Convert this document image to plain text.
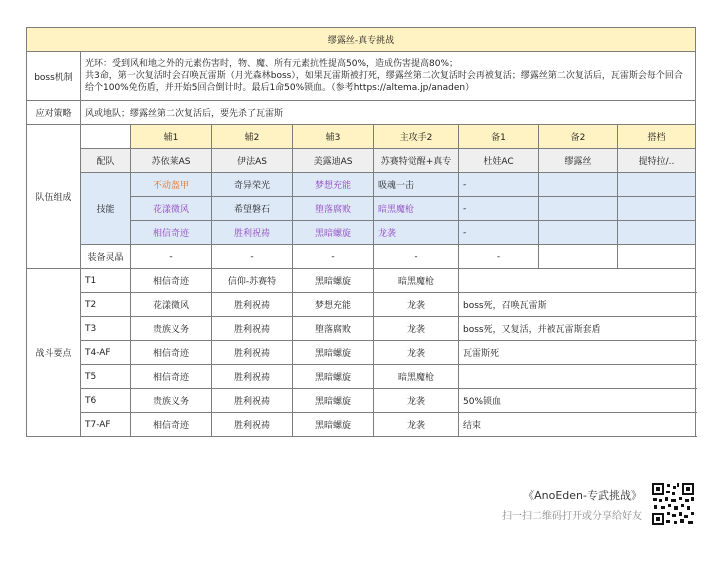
缪露丝-真专挑战								
boss机制	光环：受到风和地之外的元素伤害时，物、魔、所有元素抗性提高50%，造成伤害提高80%；
共3命，第一次复活时会召唤瓦雷斯（月光森林boss），如果瓦雷斯被打死，缪露丝第二次复活时会再被复活；缪露丝第二次复活后，瓦雷斯会每个回合给个100%免伤盾，并开始5回合倒计时。最后1命50%锁血。（参考https://altema.jp/anaden）							

应对策略	风或地队；缪露丝第二次复活后，要先杀了瓦雷斯							
队伍组成		辅1	辅2	辅3	主攻手2	备1	备2	搭档
	配队	苏依莱AS	伊法AS	美露迪AS	苏赛特觉醒+真专	杜娃AC	缪露丝	提特拉/..
	技能	不动盔甲	奇异荣光	梦想充能	吸魂一击	-		
		花漾微风	希望磐石	堕落腐败	暗黑魔枪	-		
		相信奇迹	胜利祝祷	黑暗螺旋	龙袭	-		
	装备灵晶	-	-	-	-	-		
战斗要点	T1	相信奇迹	信仰-苏赛特	黑暗螺旋	暗黑魔枪			
	T2	花漾微风	胜利祝祷	梦想充能	龙袭	boss死，召唤瓦雷斯		
	T3	贵族义务	胜利祝祷	堕落腐败	龙袭	boss死，又复活，并被瓦雷斯套盾		
	T4-AF	相信奇迹	胜利祝祷	黑暗螺旋	龙袭	瓦雷斯死		
	T5	相信奇迹	胜利祝祷	黑暗螺旋	暗黑魔枪			
	T6	贵族义务	胜利祝祷	黑暗螺旋	龙袭	50%锁血		
	T7-AF	相信奇迹	胜利祝祷	黑暗螺旋	龙袭	结束		
《AnoEden-专武挑战》
扫一扫二维码打开或分享给好友
